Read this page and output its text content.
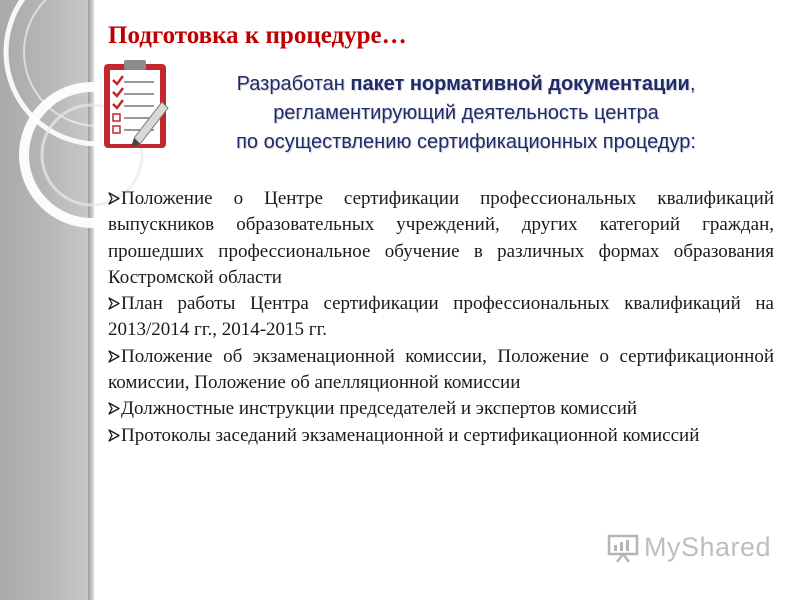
Подготовка к процедуре…
Разработан пакет нормативной документации,
регламентирующий деятельность центра
по осуществлению сертификационных процедур:
Положение о Центре сертификации профессиональных квалификаций выпускников образовательных учреждений, других категорий граждан, прошедших профессиональное обучение в различных формах образования Костромской области
План работы Центра сертификации профессиональных квалификаций на 2013/2014 гг., 2014-2015 гг.
Положение об экзаменационной комиссии, Положение о сертификационной комиссии, Положение об апелляционной комиссии
Должностные инструкции председателей и экспертов комиссий
Протоколы заседаний экзаменационной и сертификационной комиссий
MyShared
